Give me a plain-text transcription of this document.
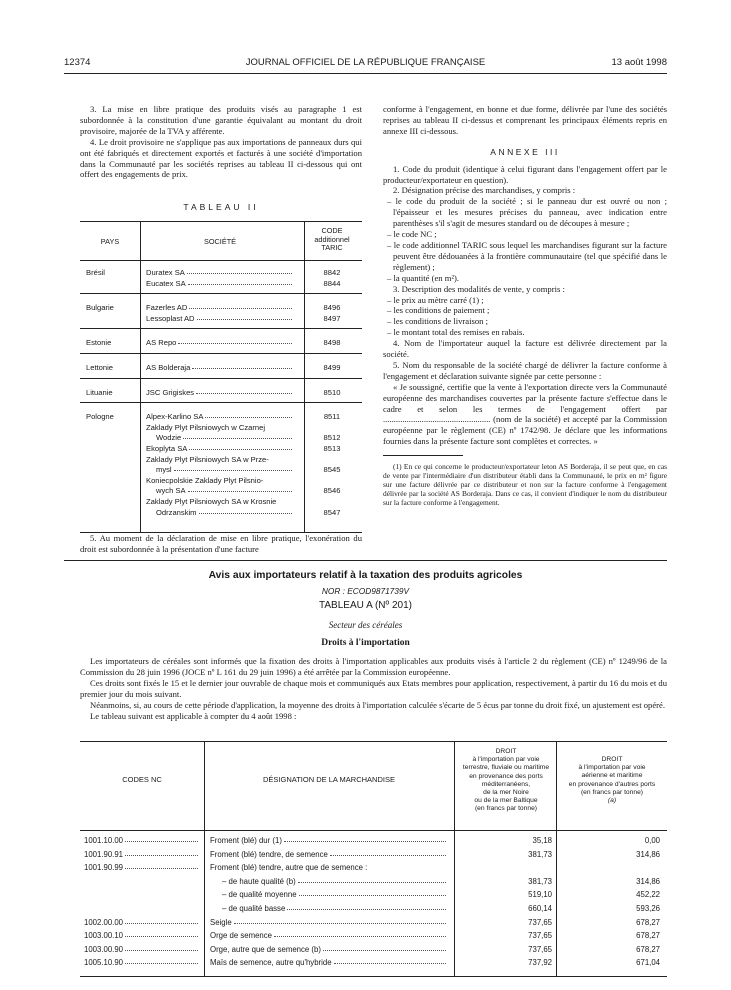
12374	JOURNAL OFFICIEL DE LA RÉPUBLIQUE FRANÇAISE	13 août 1998

3. La mise en libre pratique des produits visés au paragraphe 1 est subordonnée à la constitution d'une garantie équivalant au montant du droit provisoire, majorée de la TVA y afférente.

4. Le droit provisoire ne s'applique pas aux importations de panneaux durs qui ont été fabriqués et directement exportés et facturés à une société d'importation dans la Communauté par les sociétés reprises au tableau II ci-dessous qui ont offert des engagements de prix.

TABLEAU II
PAYS	SOCIÉTÉ
CODE additionnel TARIC
Brésil	Duratex SA	8842
Eucatex SA	8844
Bulgarie	Fazerles AD	8496
Lessoplast AD	8497
Estonie	AS Repo	8498
Lettonie	AS Bolderaja	8499
Lituanie	JSC Grigiskes	8510
Pologne	Alpex-Karlino SA	8511
Zaklady Plyt Pilsniowych w Czarnej
Wodzie	8512
Ekoplyta SA	8513
Zaklady Plyt Pilsniowych SA w Prze-
mysl	8545
Koniecpolskie Zaklady Plyt Pilsnio-
wych SA	8546
Zaklady Plyt Pilsniowych SA w Krosnie
Odrzanskim	8547

5. Au moment de la déclaration de mise en libre pratique, l'exonération du droit est subordonnée à la présentation d'une facture

conforme à l'engagement, en bonne et due forme, délivrée par l'une des sociétés reprises au tableau II ci-dessus et comprenant les principaux éléments repris en annexe III ci-dessous.

ANNEXE III

1. Code du produit (identique à celui figurant dans l'engagement offert par le producteur/exportateur en question).

2. Désignation précise des marchandises, y compris :

– le code du produit de la société ; si le panneau dur est ouvré ou non ; l'épaisseur et les mesures précises du panneau, avec indication entre parenthèses s'il s'agit de mesures standard ou de découpes à mesure ;

– le code NC ;

– le code additionnel TARIC sous lequel les marchandises figurant sur la facture peuvent être dédouanées à la frontière communautaire (tel que spécifié dans le règlement) ;

– la quantité (en m²).

3. Description des modalités de vente, y compris :

– le prix au mètre carré (1) ;

– les conditions de paiement ;

– les conditions de livraison ;

– le montant total des remises en rabais.

4. Nom de l'importateur auquel la facture est délivrée directement par la société.

5. Nom du responsable de la société chargé de délivrer la facture conforme à l'engagement et déclaration suivante signée par cette personne :

« Je soussigné, certifie que la vente à l'exportation directe vers la Communauté européenne des marchandises couvertes par la présente facture s'effectue dans le cadre et selon les termes de l'engagement offert par .................................................. (nom de la société) et accepté par la Commission européenne par le règlement (CE) nº 1742/98. Je déclare que les informations fournies dans la présente facture sont complètes et correctes. »

(1) En ce qui concerne le producteur/exportateur leton AS Borderaja, il se peut que, en cas de vente par l'intermédiaire d'un distributeur établi dans la Communauté, le prix en m² figure sur une facture délivrée par ce distributeur et non sur la facture conforme à l'engagement délivrée par la société AS Borderaja. Dans ce cas, il convient d'indiquer le nom du distributeur sur la facture conforme à l'engagement.

Avis aux importateurs relatif à la taxation des produits agricoles
NOR : ECOD9871739V
TABLEAU A (Nº 201)
Secteur des céréales
Droits à l'importation

Les importateurs de céréales sont informés que la fixation des droits à l'importation applicables aux produits visés à l'article 2 du règlement (CE) nº 1249/96 de la Commission du 28 juin 1996 (JOCE nº L 161 du 29 juin 1996) a été arrêtée par la Commission européenne.

Ces droits sont fixés le 15 et le dernier jour ouvrable de chaque mois et communiqués aux Etats membres pour application, respectivement, à partir du 16 du mois et du premier jour du mois suivant.

Néanmoins, si, au cours de cette période d'application, la moyenne des droits à l'importation calculée s'écarte de 5 écus par tonne du droit fixé, un ajustement est opéré.

Le tableau suivant est applicable à compter du 4 août 1998 :

CODES NC	DÉSIGNATION DE LA MARCHANDISE
DROIT
à l'importation par voie
terrestre, fluviale ou maritime
en provenance des ports
méditerranéens,
de la mer Noire
ou de la mer Baltique
(en francs par tonne)
DROIT
à l'importation par voie
aérienne et maritime
en provenance d'autres ports
(en francs par tonne)
(a)
1001.10.00	Froment (blé) dur (1)	35,18	0,00
1001.90.91	Froment (blé) tendre, de semence	381,73	314,86
1001.90.99	Froment (blé) tendre, autre que de semence :
– de haute qualité (b)	381,73	314,86
– de qualité moyenne	519,10	452,22
– de qualité basse	660,14	593,26
1002.00.00	Seigle	737,65	678,27
1003.00.10	Orge de semence	737,65	678,27
1003.00.90	Orge, autre que de semence (b)	737,65	678,27
1005.10.90	Maïs de semence, autre qu'hybride	737,92	671,04
